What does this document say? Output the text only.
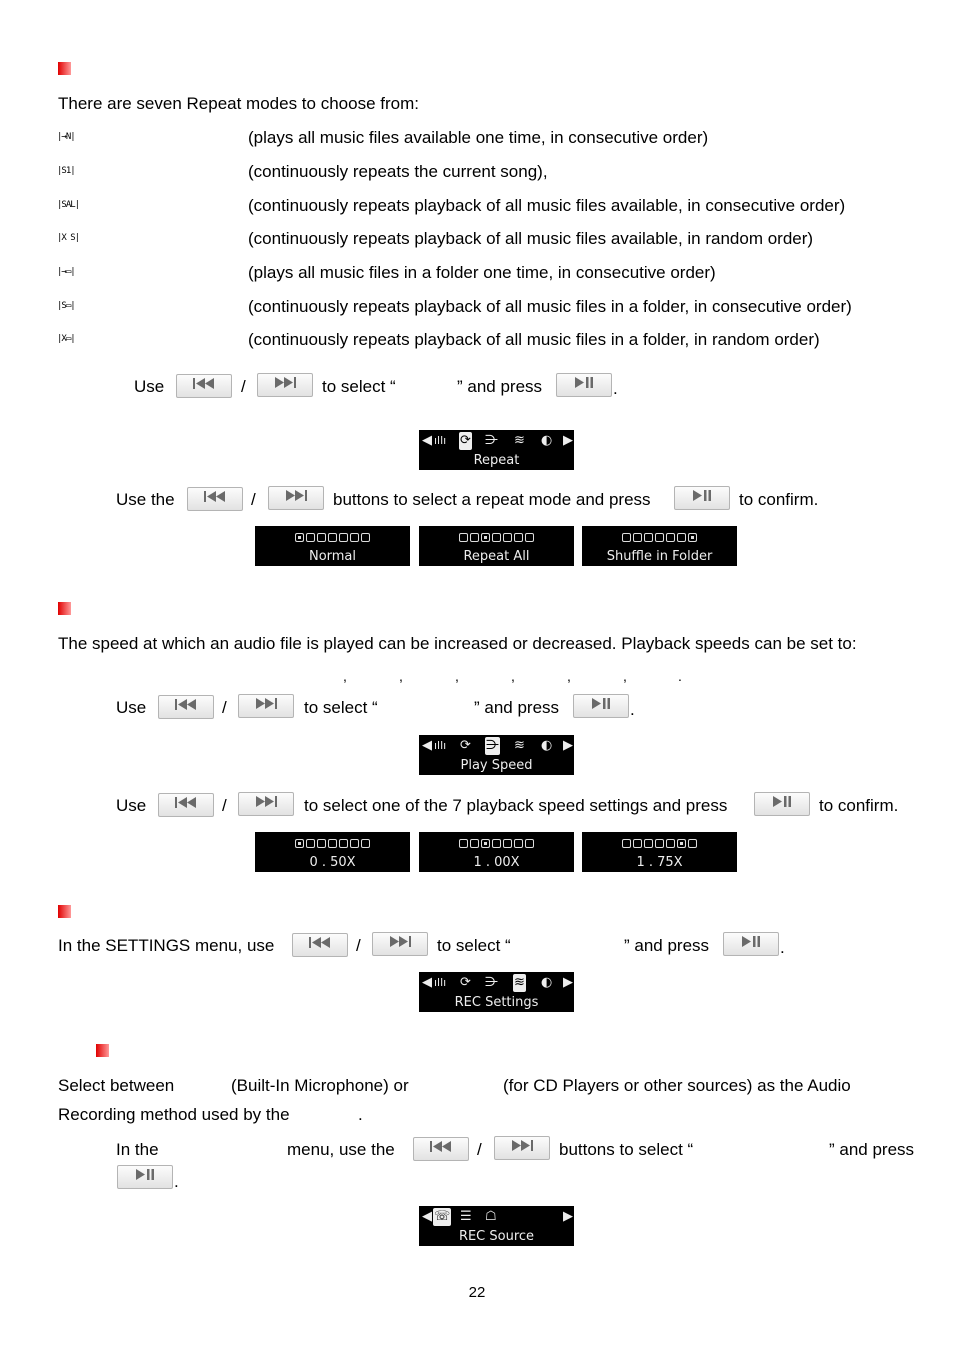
There are seven Repeat modes to choose from:
|→N|	(plays all music files available one time, in consecutive order)
|S1|	(continuously repeats the current song),
|SAL|	(continuously repeats playback of all music files available, in consecutive order)
|X S|	(continuously repeats playback of all music files available, in random order)
|→▭|	(plays all music files in a folder one time, in consecutive order)
|S▭|	(continuously repeats playback of all music files in a folder, in consecutive order)
|X▭|	(continuously repeats playback of all music files in a folder, in random order)
Use	/	to select “	” and press	.
◀ ıllı ⟳ ⋺ ≋ ◐ ▶
Repeat
Use the	/	buttons to select a repeat mode and press	to confirm.
Normal	Repeat All	Shuffle in Folder
The speed at which an audio file is played can be increased or decreased. Playback speeds can be set to:
,	,	,	,	,	,	.
Use	/	to select “	” and press	.
◀ ıllı ⟳ ⋺ ≋ ◐ ▶
Play Speed
Use	/	to select one of the 7 playback speed settings and press	to confirm.
0 . 50X	1 . 00X	1 . 75X
In the SETTINGS menu, use	/	to select “	” and press	.
◀ ıllı ⟳ ⋺ ≋ ◐ ▶
REC Settings
Select between	(Built-In Microphone) or	(for CD Players or other sources) as the Audio
Recording method used by the	.
In the	menu, use the	/	buttons to select “	” and press
.
◀ ☏ ☰ ☖	▶
REC Source
22
